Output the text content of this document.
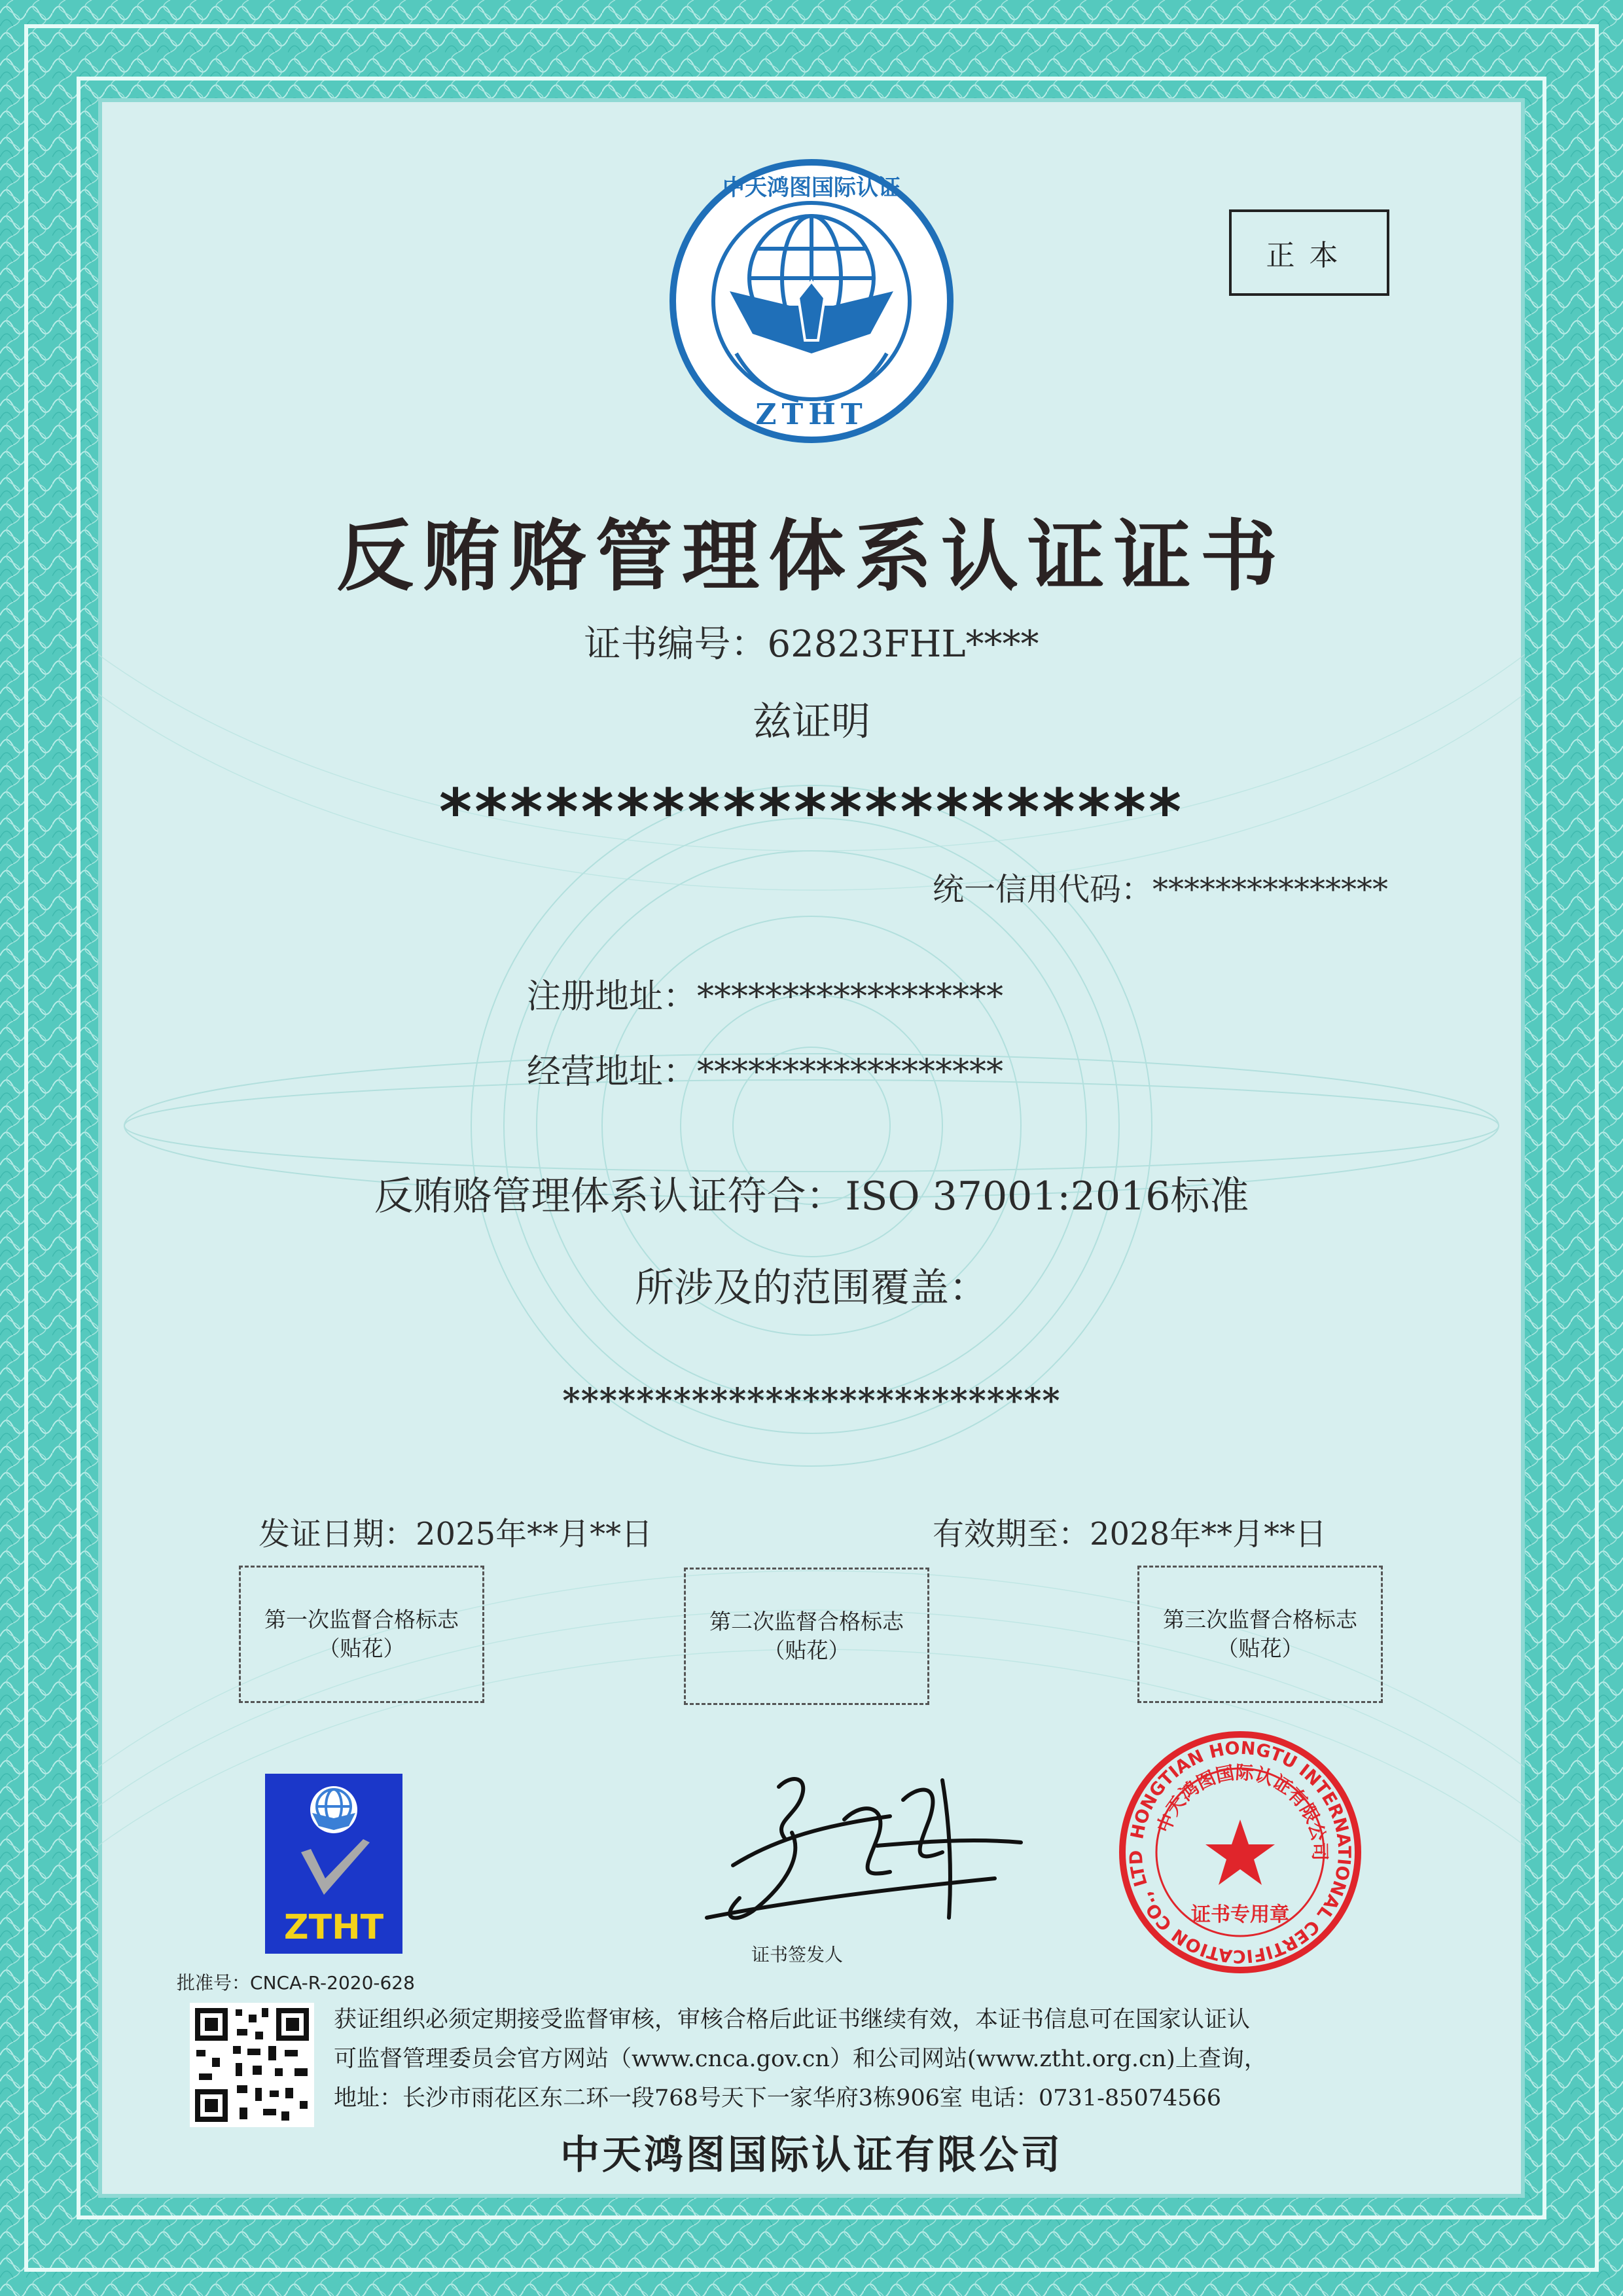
中天鸿图国际认证
ZTHT
正本
反贿赂管理体系认证证书
证书编号：62823FHL****
兹证明
*********************
统一信用代码：***************
注册地址：******************
经营地址：******************
反贿赂管理体系认证符合：ISO 37001:2016标准
所涉及的范围覆盖：
***************************
发证日期：2025年**月**日	有效期至：2028年**月**日
第一次监督合格标志
（贴花）
第二次监督合格标志
（贴花）
第三次监督合格标志
（贴花）
ZTHT
证书签发人
HONGTIAN HONGTU INTERNATIONAL CERTIFICATION CO., LTD
中天鸿图国际认证有限公司
证书专用章
批准号：CNCA-R-2020-628
获证组织必须定期接受监督审核，审核合格后此证书继续有效，本证书信息可在国家认证认
可监督管理委员会官方网站（www.cnca.gov.cn）和公司网站(www.ztht.org.cn)上查询，
地址：长沙市雨花区东二环一段768号天下一家华府3栋906室 电话：0731-85074566
中天鸿图国际认证有限公司
